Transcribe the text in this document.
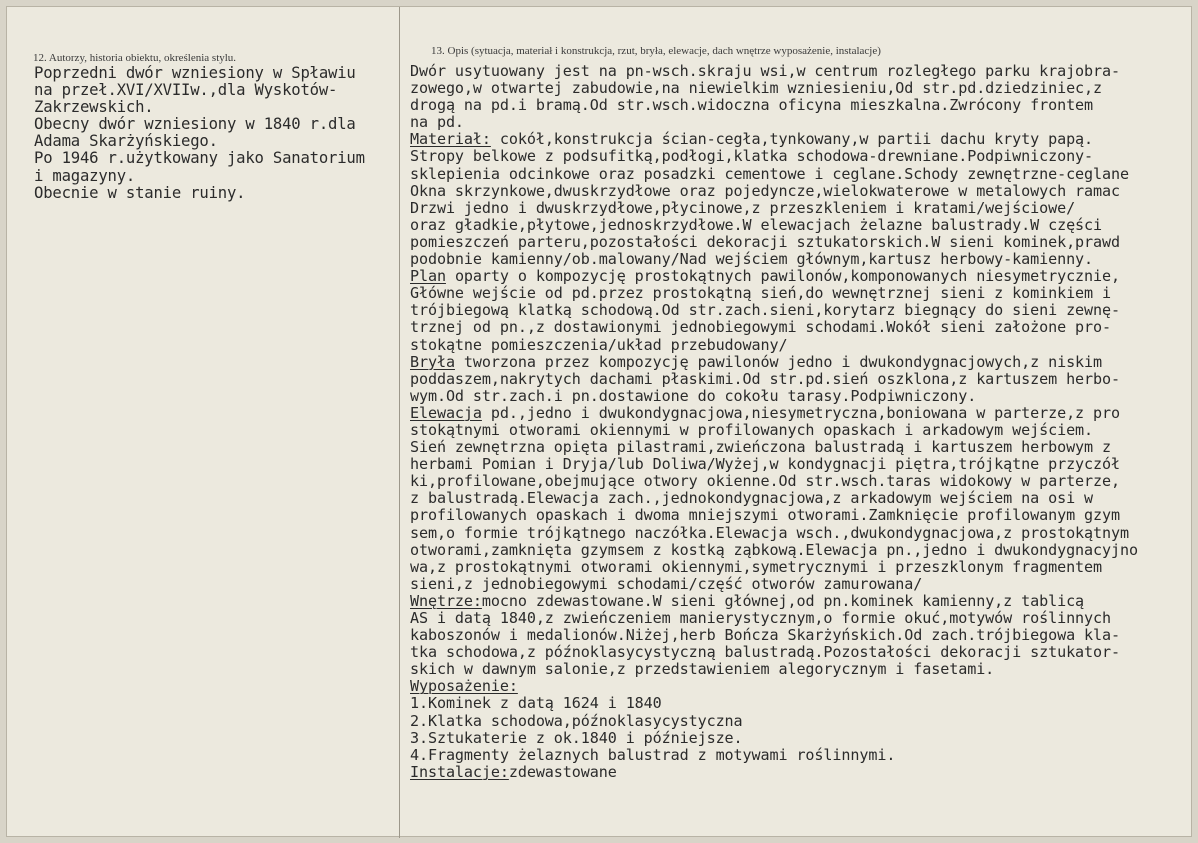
12. Autorzy, historia obiektu, określenia stylu.
13. Opis (sytuacja, materiał i konstrukcja, rzut, bryła, elewacje, dach wnętrze wyposażenie, instalacje)
Poprzedni dwór wzniesiony w Spławiu
na przeł.XVI/XVIIw.,dla Wyskotów-
Zakrzewskich.
Obecny dwór wzniesiony w 1840 r.dla
Adama Skarżyńskiego.
Po 1946 r.użytkowany jako Sanatorium
i magazyny.
Obecnie w stanie ruiny.
Dwór usytuowany jest na pn-wsch.skraju wsi,w centrum rozległego parku krajobra-
zowego,w otwartej zabudowie,na niewielkim wzniesieniu,Od str.pd.dziedziniec,z
drogą na pd.i bramą.Od str.wsch.widoczna oficyna mieszkalna.Zwrócony frontem
na pd.
Materiał: cokół,konstrukcja ścian-cegła,tynkowany,w partii dachu kryty papą.
Stropy belkowe z podsufitką,podłogi,klatka schodowa-drewniane.Podpiwniczony-
sklepienia odcinkowe oraz posadzki cementowe i ceglane.Schody zewnętrzne-ceglane
Okna skrzynkowe,dwuskrzydłowe oraz pojedyncze,wielokwaterowe w metalowych ramac
Drzwi jedno i dwuskrzydłowe,płycinowe,z przeszkleniem i kratami/wejściowe/
oraz gładkie,płytowe,jednoskrzydłowe.W elewacjach żelazne balustrady.W części
pomieszczeń parteru,pozostałości dekoracji sztukatorskich.W sieni kominek,prawd
podobnie kamienny/ob.malowany/Nad wejściem głównym,kartusz herbowy-kamienny.
Plan oparty o kompozycję prostokątnych pawilonów,komponowanych niesymetrycznie,
Główne wejście od pd.przez prostokątną sień,do wewnętrznej sieni z kominkiem i
trójbiegową klatką schodową.Od str.zach.sieni,korytarz biegnący do sieni zewnę-
trznej od pn.,z dostawionymi jednobiegowymi schodami.Wokół sieni założone pro-
stokątne pomieszczenia/układ przebudowany/
Bryła tworzona przez kompozycję pawilonów jedno i dwukondygnacjowych,z niskim
poddaszem,nakrytych dachami płaskimi.Od str.pd.sień oszklona,z kartuszem herbo-
wym.Od str.zach.i pn.dostawione do cokołu tarasy.Podpiwniczony.
Elewacja pd.,jedno i dwukondygnacjowa,niesymetryczna,boniowana w parterze,z pro
stokątnymi otworami okiennymi w profilowanych opaskach i arkadowym wejściem.
Sień zewnętrzna opięta pilastrami,zwieńczona balustradą i kartuszem herbowym z
herbami Pomian i Dryja/lub Doliwa/Wyżej,w kondygnacji piętra,trójkątne przyczół
ki,profilowane,obejmujące otwory okienne.Od str.wsch.taras widokowy w parterze,
z balustradą.Elewacja zach.,jednokondygnacjowa,z arkadowym wejściem na osi w
profilowanych opaskach i dwoma mniejszymi otworami.Zamknięcie profilowanym gzym
sem,o formie trójkątnego naczółka.Elewacja wsch.,dwukondygnacjowa,z prostokątnym
otworami,zamknięta gzymsem z kostką ząbkową.Elewacja pn.,jedno i dwukondygnacyjno
wa,z prostokątnymi otworami okiennymi,symetrycznymi i przeszklonym fragmentem
sieni,z jednobiegowymi schodami/część otworów zamurowana/
Wnętrze:mocno zdewastowane.W sieni głównej,od pn.kominek kamienny,z tablicą
AS i datą 1840,z zwieńczeniem manierystycznym,o formie okuć,motywów roślinnych
kaboszonów i medalionów.Niżej,herb Bończa Skarżyńskich.Od zach.trójbiegowa kla-
tka schodowa,z późnoklasycystyczną balustradą.Pozostałości dekoracji sztukator-
skich w dawnym salonie,z przedstawieniem alegorycznym i fasetami.
Wyposażenie:
1.Kominek z datą 1624 i 1840
2.Klatka schodowa,późnoklasycystyczna
3.Sztukaterie z ok.1840 i późniejsze.
4.Fragmenty żelaznych balustrad z motywami roślinnymi.
Instalacje:zdewastowane
